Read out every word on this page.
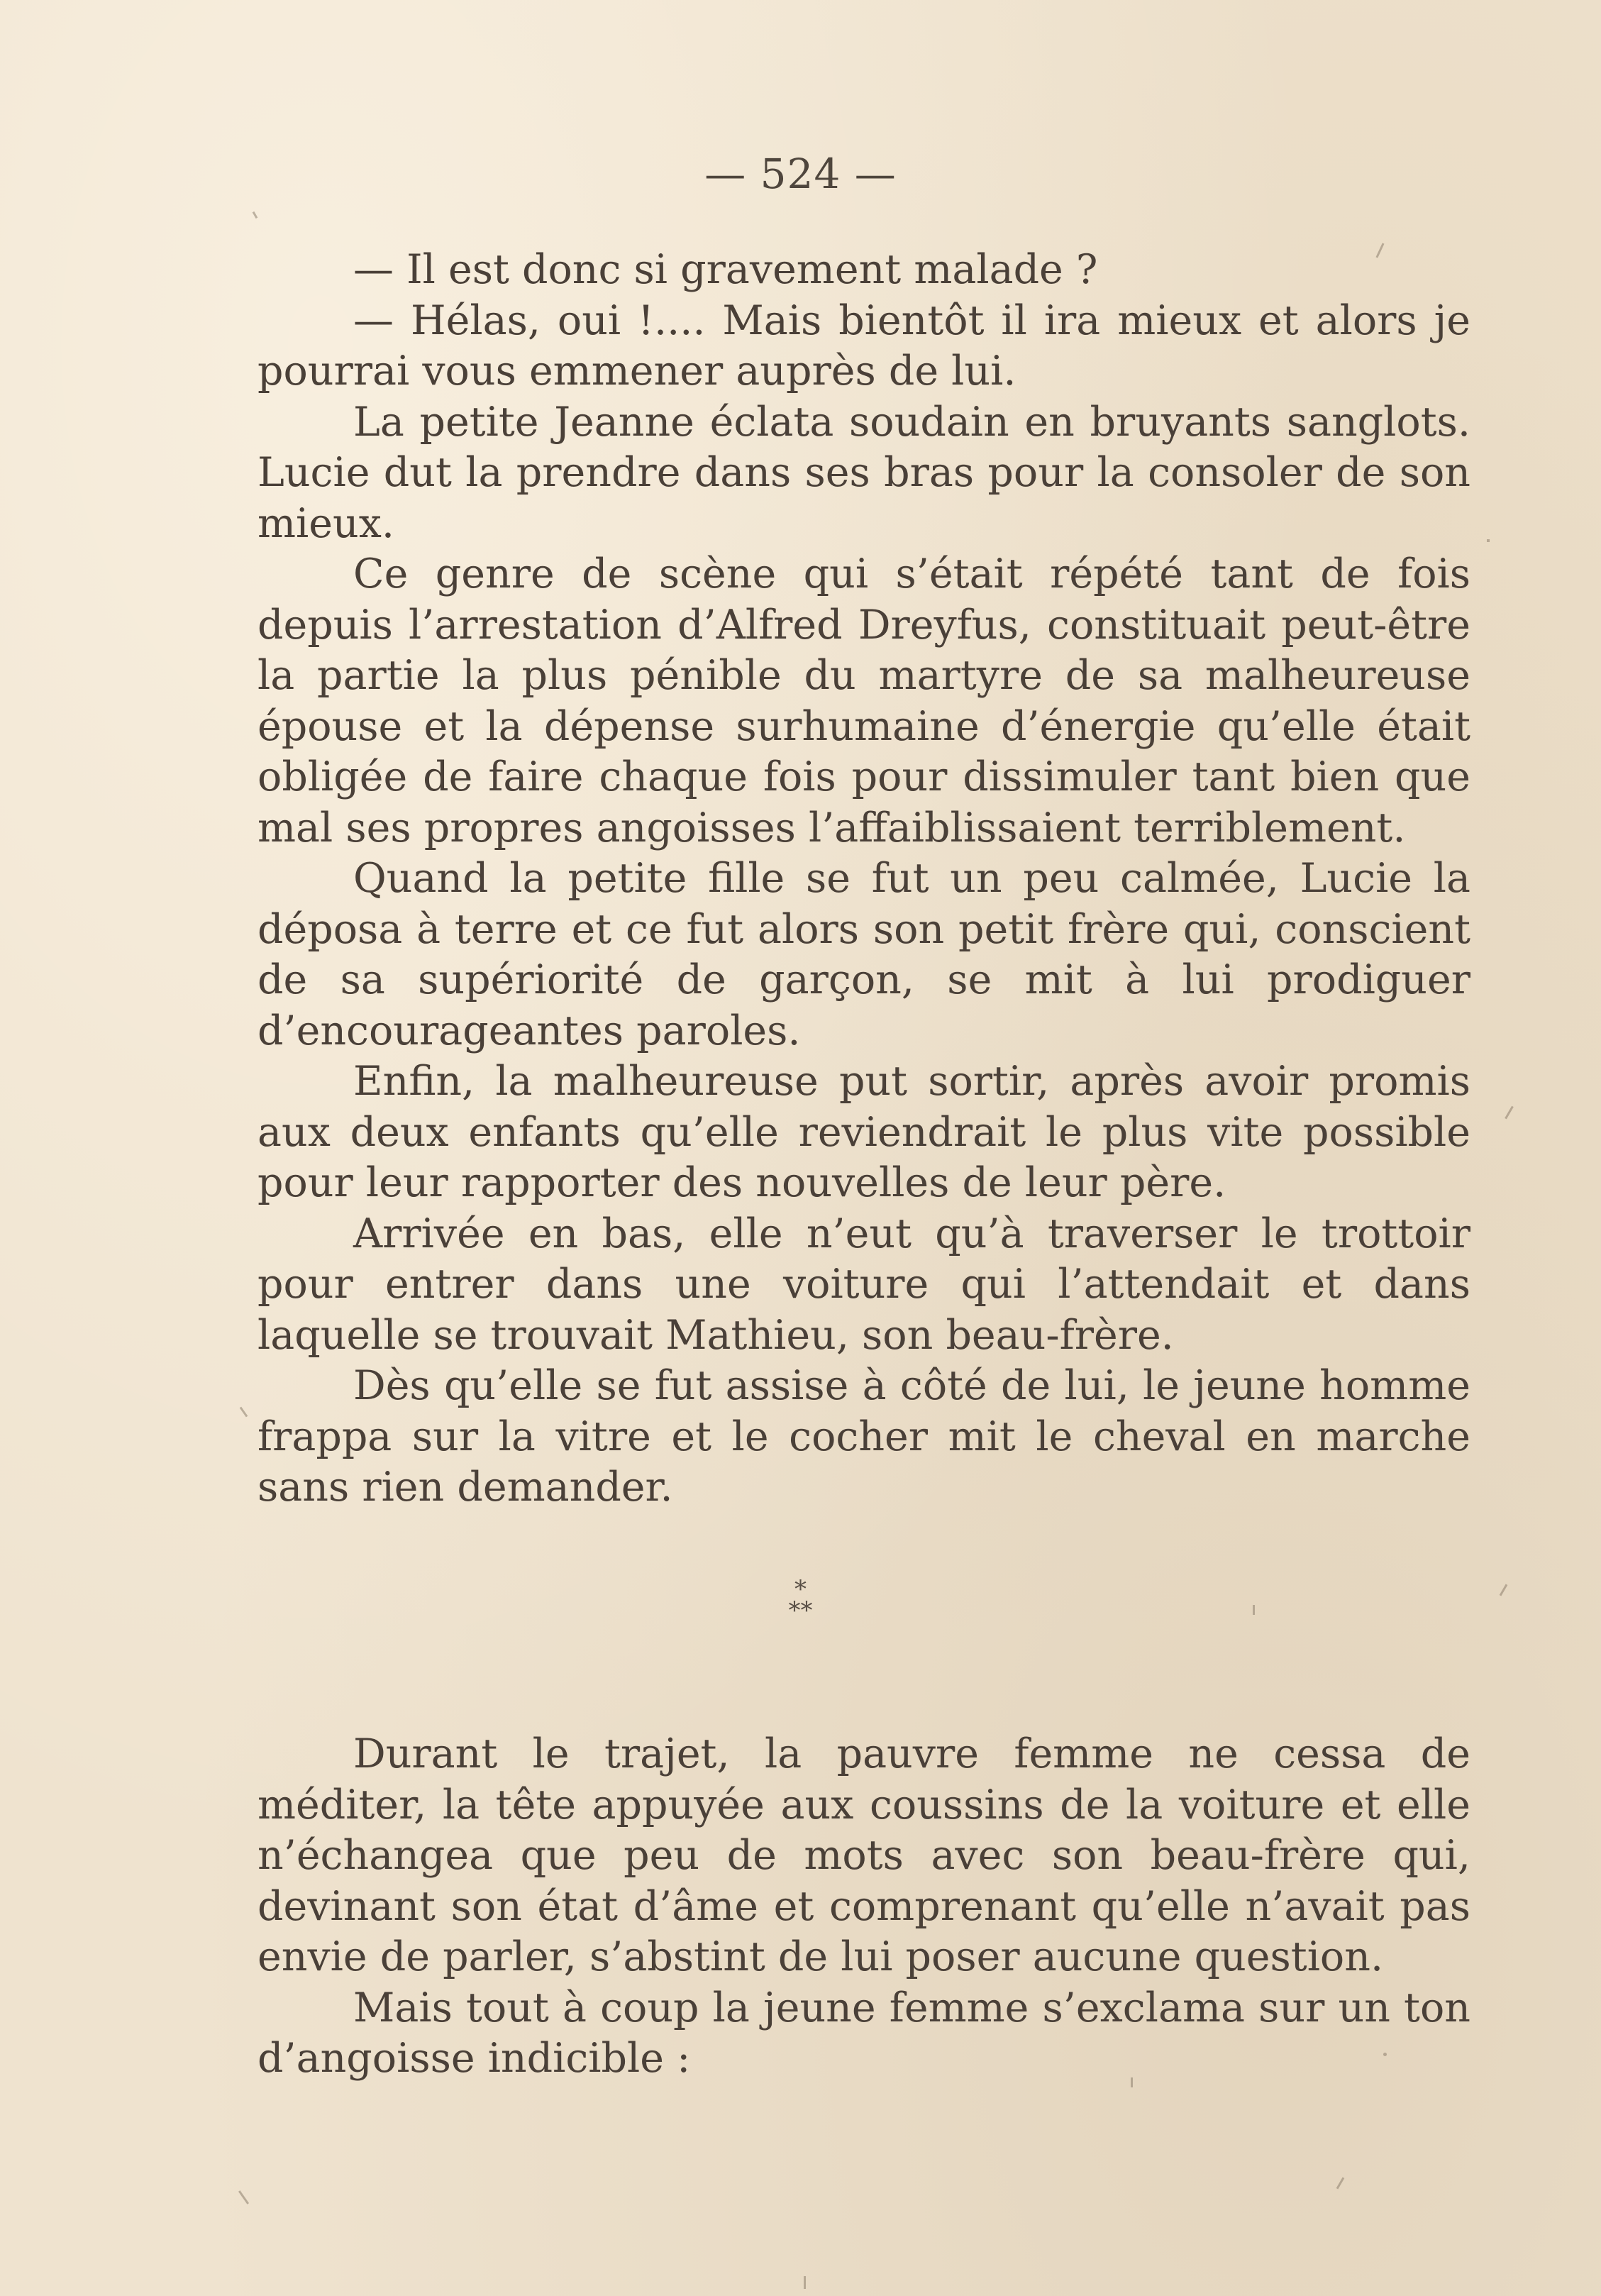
— 524 —

— Il est donc si gravement malade ?

— Hélas, oui !.... Mais bientôt il ira mieux et alors je pourrai vous emmener auprès de lui.

La petite Jeanne éclata soudain en bruyants sanglots. Lucie dut la prendre dans ses bras pour la consoler de son mieux.

Ce genre de scène qui s’était répété tant de fois depuis l’arrestation d’Alfred Dreyfus, constituait peut-être la partie la plus pénible du martyre de sa malheureuse épouse et la dépense surhumaine d’énergie qu’elle était obligée de faire chaque fois pour dissimuler tant bien que mal ses propres angoisses l’affaiblissaient terriblement.

Quand la petite fille se fut un peu calmée, Lucie la déposa à terre et ce fut alors son petit frère qui, conscient de sa supériorité de garçon, se mit à lui prodiguer d’encourageantes paroles.

Enfin, la malheureuse put sortir, après avoir promis aux deux enfants qu’elle reviendrait le plus vite possible pour leur rapporter des nouvelles de leur père.

Arrivée en bas, elle n’eut qu’à traverser le trottoir pour entrer dans une voiture qui l’attendait et dans laquelle se trouvait Mathieu, son beau-frère.

Dès qu’elle se fut assise à côté de lui, le jeune homme frappa sur la vitre et le cocher mit le cheval en marche sans rien demander.

*
**

Durant le trajet, la pauvre femme ne cessa de méditer, la tête appuyée aux coussins de la voiture et elle n’échangea que peu de mots avec son beau-frère qui, devinant son état d’âme et comprenant qu’elle n’avait pas envie de parler, s’abstint de lui poser aucune question.

Mais tout à coup la jeune femme s’exclama sur un ton d’angoisse indicible :
